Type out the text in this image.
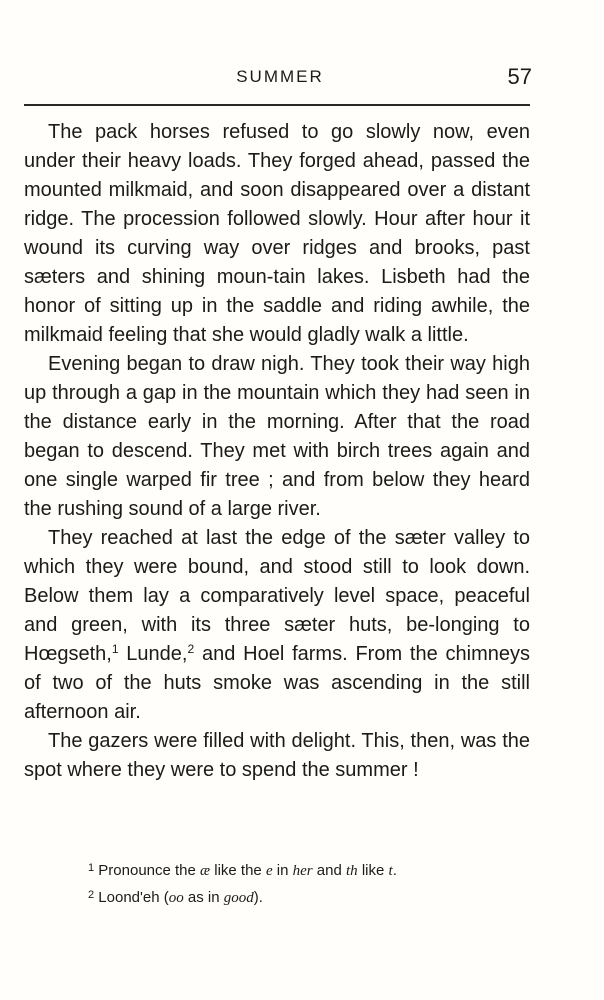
SUMMER	57

The pack horses refused to go slowly now, even under their heavy loads. They forged ahead, passed the mounted milkmaid, and soon disappeared over a distant ridge. The procession followed slowly. Hour after hour it wound its curving way over ridges and brooks, past sæters and shining moun-tain lakes. Lisbeth had the honor of sitting up in the saddle and riding awhile, the milkmaid feeling that she would gladly walk a little.

Evening began to draw nigh. They took their way high up through a gap in the mountain which they had seen in the distance early in the morning. After that the road began to descend. They met with birch trees again and one single warped fir tree ; and from below they heard the rushing sound of a large river.

They reached at last the edge of the sæter valley to which they were bound, and stood still to look down. Below them lay a comparatively level space, peaceful and green, with its three sæter huts, be-longing to Hœgseth,$^1$ Lunde,$^2$ and Hoel farms. From the chimneys of two of the huts smoke was ascending in the still afternoon air.

The gazers were filled with delight. This, then, was the spot where they were to spend the summer !

$^1$ Pronounce the æ like the e in her and th like t.
$^2$ Loond'eh (oo as in good).
